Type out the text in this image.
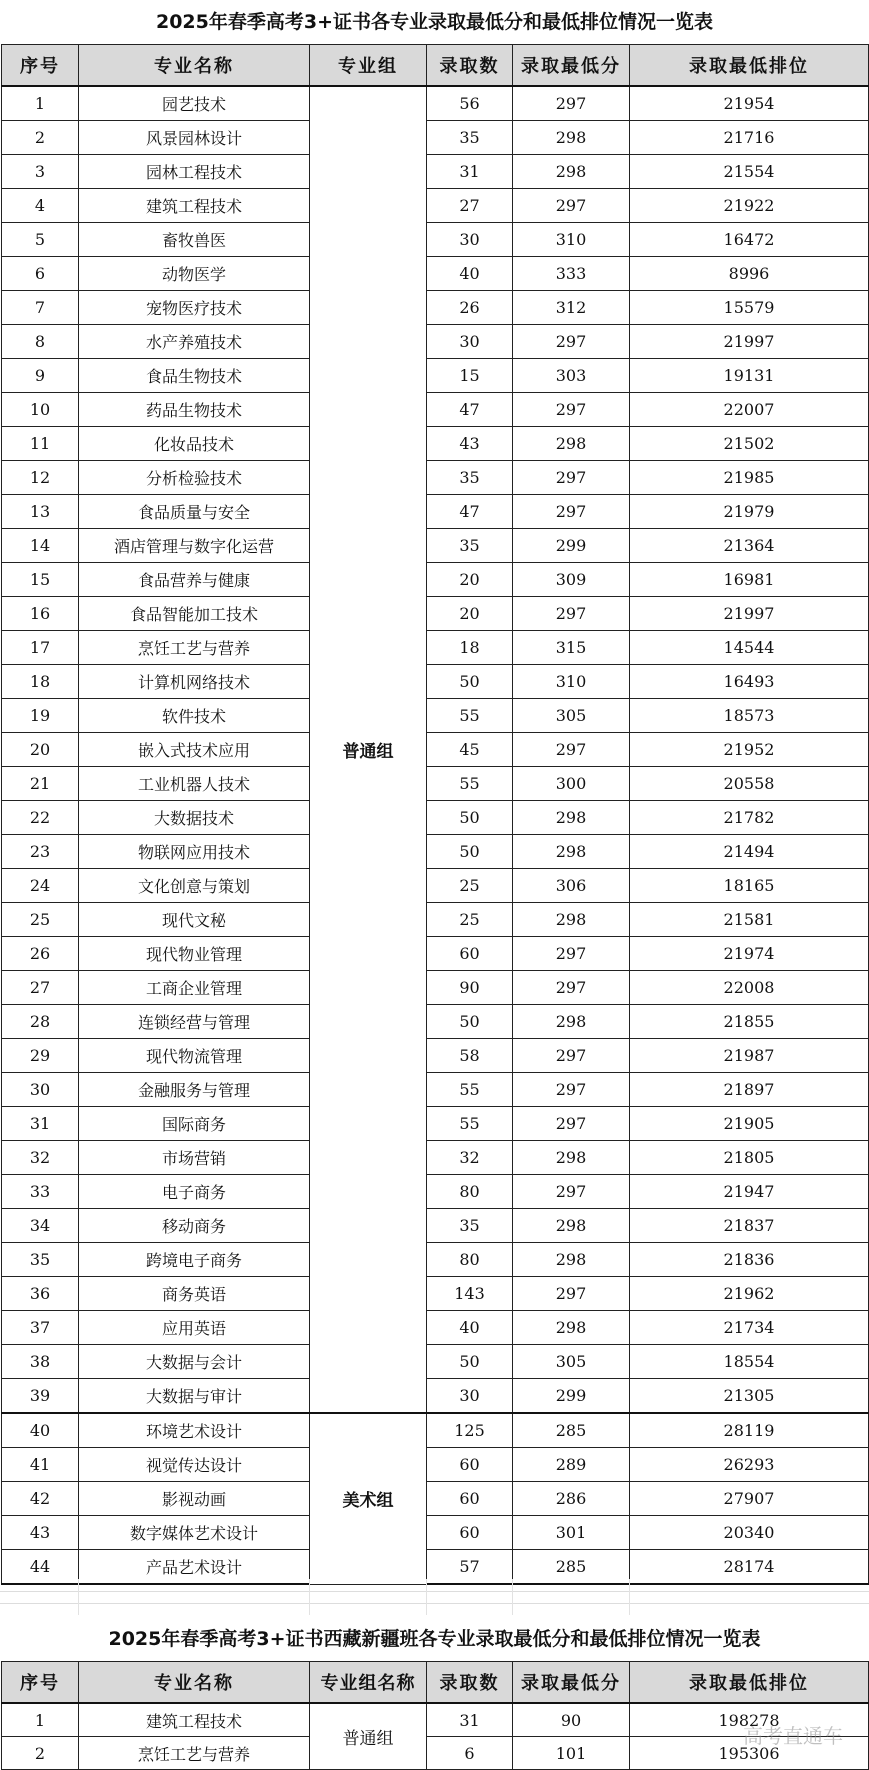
2025年春季高考3+证书各专业录取最低分和最低排位情况一览表
序号	专业名称	专业组	录取数	录取最低分	录取最低排位
1	园艺技术	普通组	56	297	21954
2	风景园林设计		35	298	21716
3	园林工程技术		31	298	21554
4	建筑工程技术		27	297	21922
5	畜牧兽医		30	310	16472
6	动物医学		40	333	8996
7	宠物医疗技术		26	312	15579
8	水产养殖技术		30	297	21997
9	食品生物技术		15	303	19131
10	药品生物技术		47	297	22007
11	化妆品技术		43	298	21502
12	分析检验技术		35	297	21985
13	食品质量与安全		47	297	21979
14	酒店管理与数字化运营		35	299	21364
15	食品营养与健康		20	309	16981
16	食品智能加工技术		20	297	21997
17	烹饪工艺与营养		18	315	14544
18	计算机网络技术		50	310	16493
19	软件技术		55	305	18573
20	嵌入式技术应用		45	297	21952
21	工业机器人技术		55	300	20558
22	大数据技术		50	298	21782
23	物联网应用技术		50	298	21494
24	文化创意与策划		25	306	18165
25	现代文秘		25	298	21581
26	现代物业管理		60	297	21974
27	工商企业管理		90	297	22008
28	连锁经营与管理		50	298	21855
29	现代物流管理		58	297	21987
30	金融服务与管理		55	297	21897
31	国际商务		55	297	21905
32	市场营销		32	298	21805
33	电子商务		80	297	21947
34	移动商务		35	298	21837
35	跨境电子商务		80	298	21836
36	商务英语		143	297	21962
37	应用英语		40	298	21734
38	大数据与会计		50	305	18554
39	大数据与审计		30	299	21305
40	环境艺术设计	美术组	125	285	28119
41	视觉传达设计		60	289	26293
42	影视动画		60	286	27907
43	数字媒体艺术设计		60	301	20340
44	产品艺术设计		57	285	28174
2025年春季高考3+证书西藏新疆班各专业录取最低分和最低排位情况一览表
序号	专业名称	专业组名称	录取数	录取最低分	录取最低排位
1	建筑工程技术	普通组	31	90	198278
2	烹饪工艺与营养		6	101	195306
高考直通车
